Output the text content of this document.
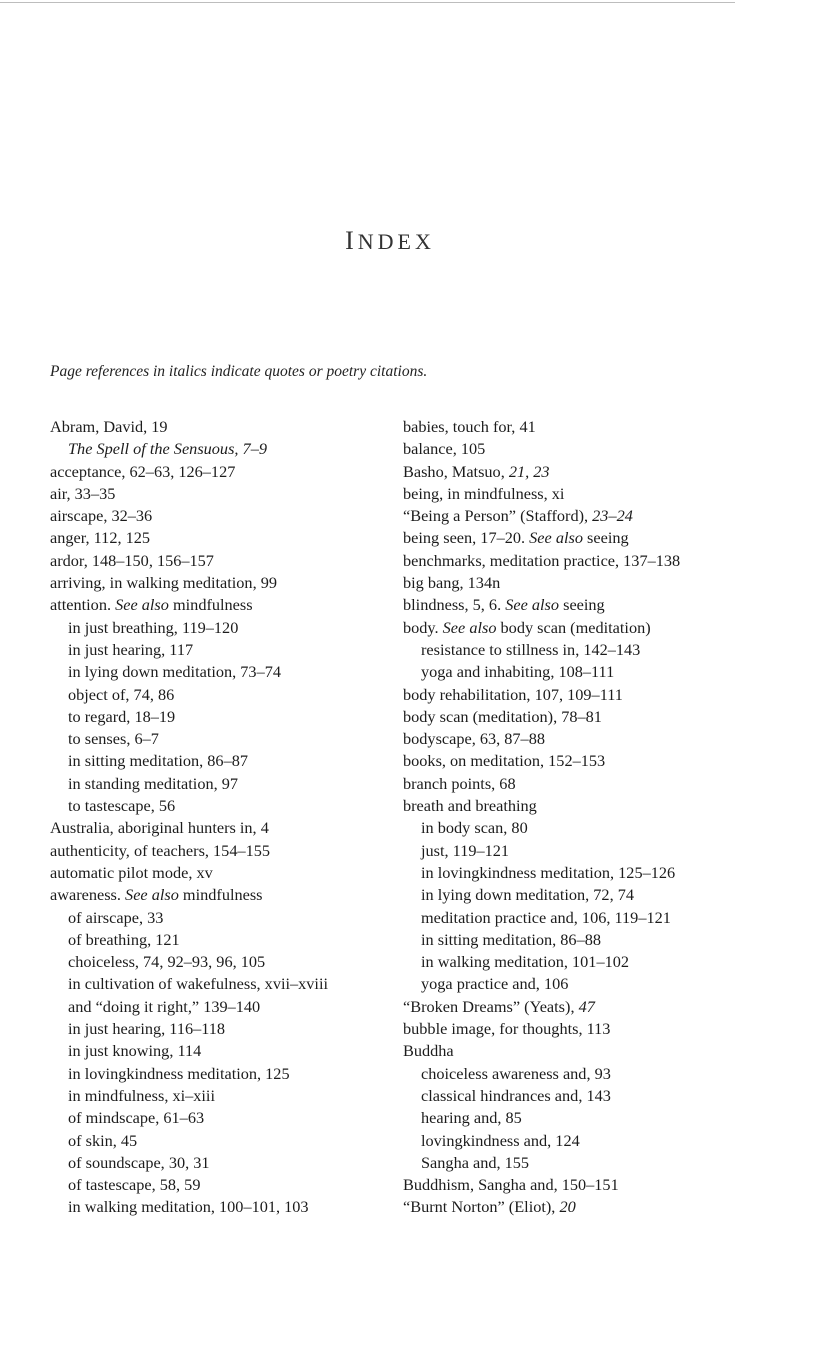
INDEX
Page references in italics indicate quotes or poetry citations.
Abram, David, 19
The Spell of the Sensuous, 7–9
acceptance, 62–63, 126–127
air, 33–35
airscape, 32–36
anger, 112, 125
ardor, 148–150, 156–157
arriving, in walking meditation, 99
attention. See also mindfulness
in just breathing, 119–120
in just hearing, 117
in lying down meditation, 73–74
object of, 74, 86
to regard, 18–19
to senses, 6–7
in sitting meditation, 86–87
in standing meditation, 97
to tastescape, 56
Australia, aboriginal hunters in, 4
authenticity, of teachers, 154–155
automatic pilot mode, xv
awareness. See also mindfulness
of airscape, 33
of breathing, 121
choiceless, 74, 92–93, 96, 105
in cultivation of wakefulness, xvii–xviii
and “doing it right,” 139–140
in just hearing, 116–118
in just knowing, 114
in lovingkindness meditation, 125
in mindfulness, xi–xiii
of mindscape, 61–63
of skin, 45
of soundscape, 30, 31
of tastescape, 58, 59
in walking meditation, 100–101, 103
babies, touch for, 41
balance, 105
Basho, Matsuo, 21, 23
being, in mindfulness, xi
“Being a Person” (Stafford), 23–24
being seen, 17–20. See also seeing
benchmarks, meditation practice, 137–138
big bang, 134n
blindness, 5, 6. See also seeing
body. See also body scan (meditation)
resistance to stillness in, 142–143
yoga and inhabiting, 108–111
body rehabilitation, 107, 109–111
body scan (meditation), 78–81
bodyscape, 63, 87–88
books, on meditation, 152–153
branch points, 68
breath and breathing
in body scan, 80
just, 119–121
in lovingkindness meditation, 125–126
in lying down meditation, 72, 74
meditation practice and, 106, 119–121
in sitting meditation, 86–88
in walking meditation, 101–102
yoga practice and, 106
“Broken Dreams” (Yeats), 47
bubble image, for thoughts, 113
Buddha
choiceless awareness and, 93
classical hindrances and, 143
hearing and, 85
lovingkindness and, 124
Sangha and, 155
Buddhism, Sangha and, 150–151
“Burnt Norton” (Eliot), 20
